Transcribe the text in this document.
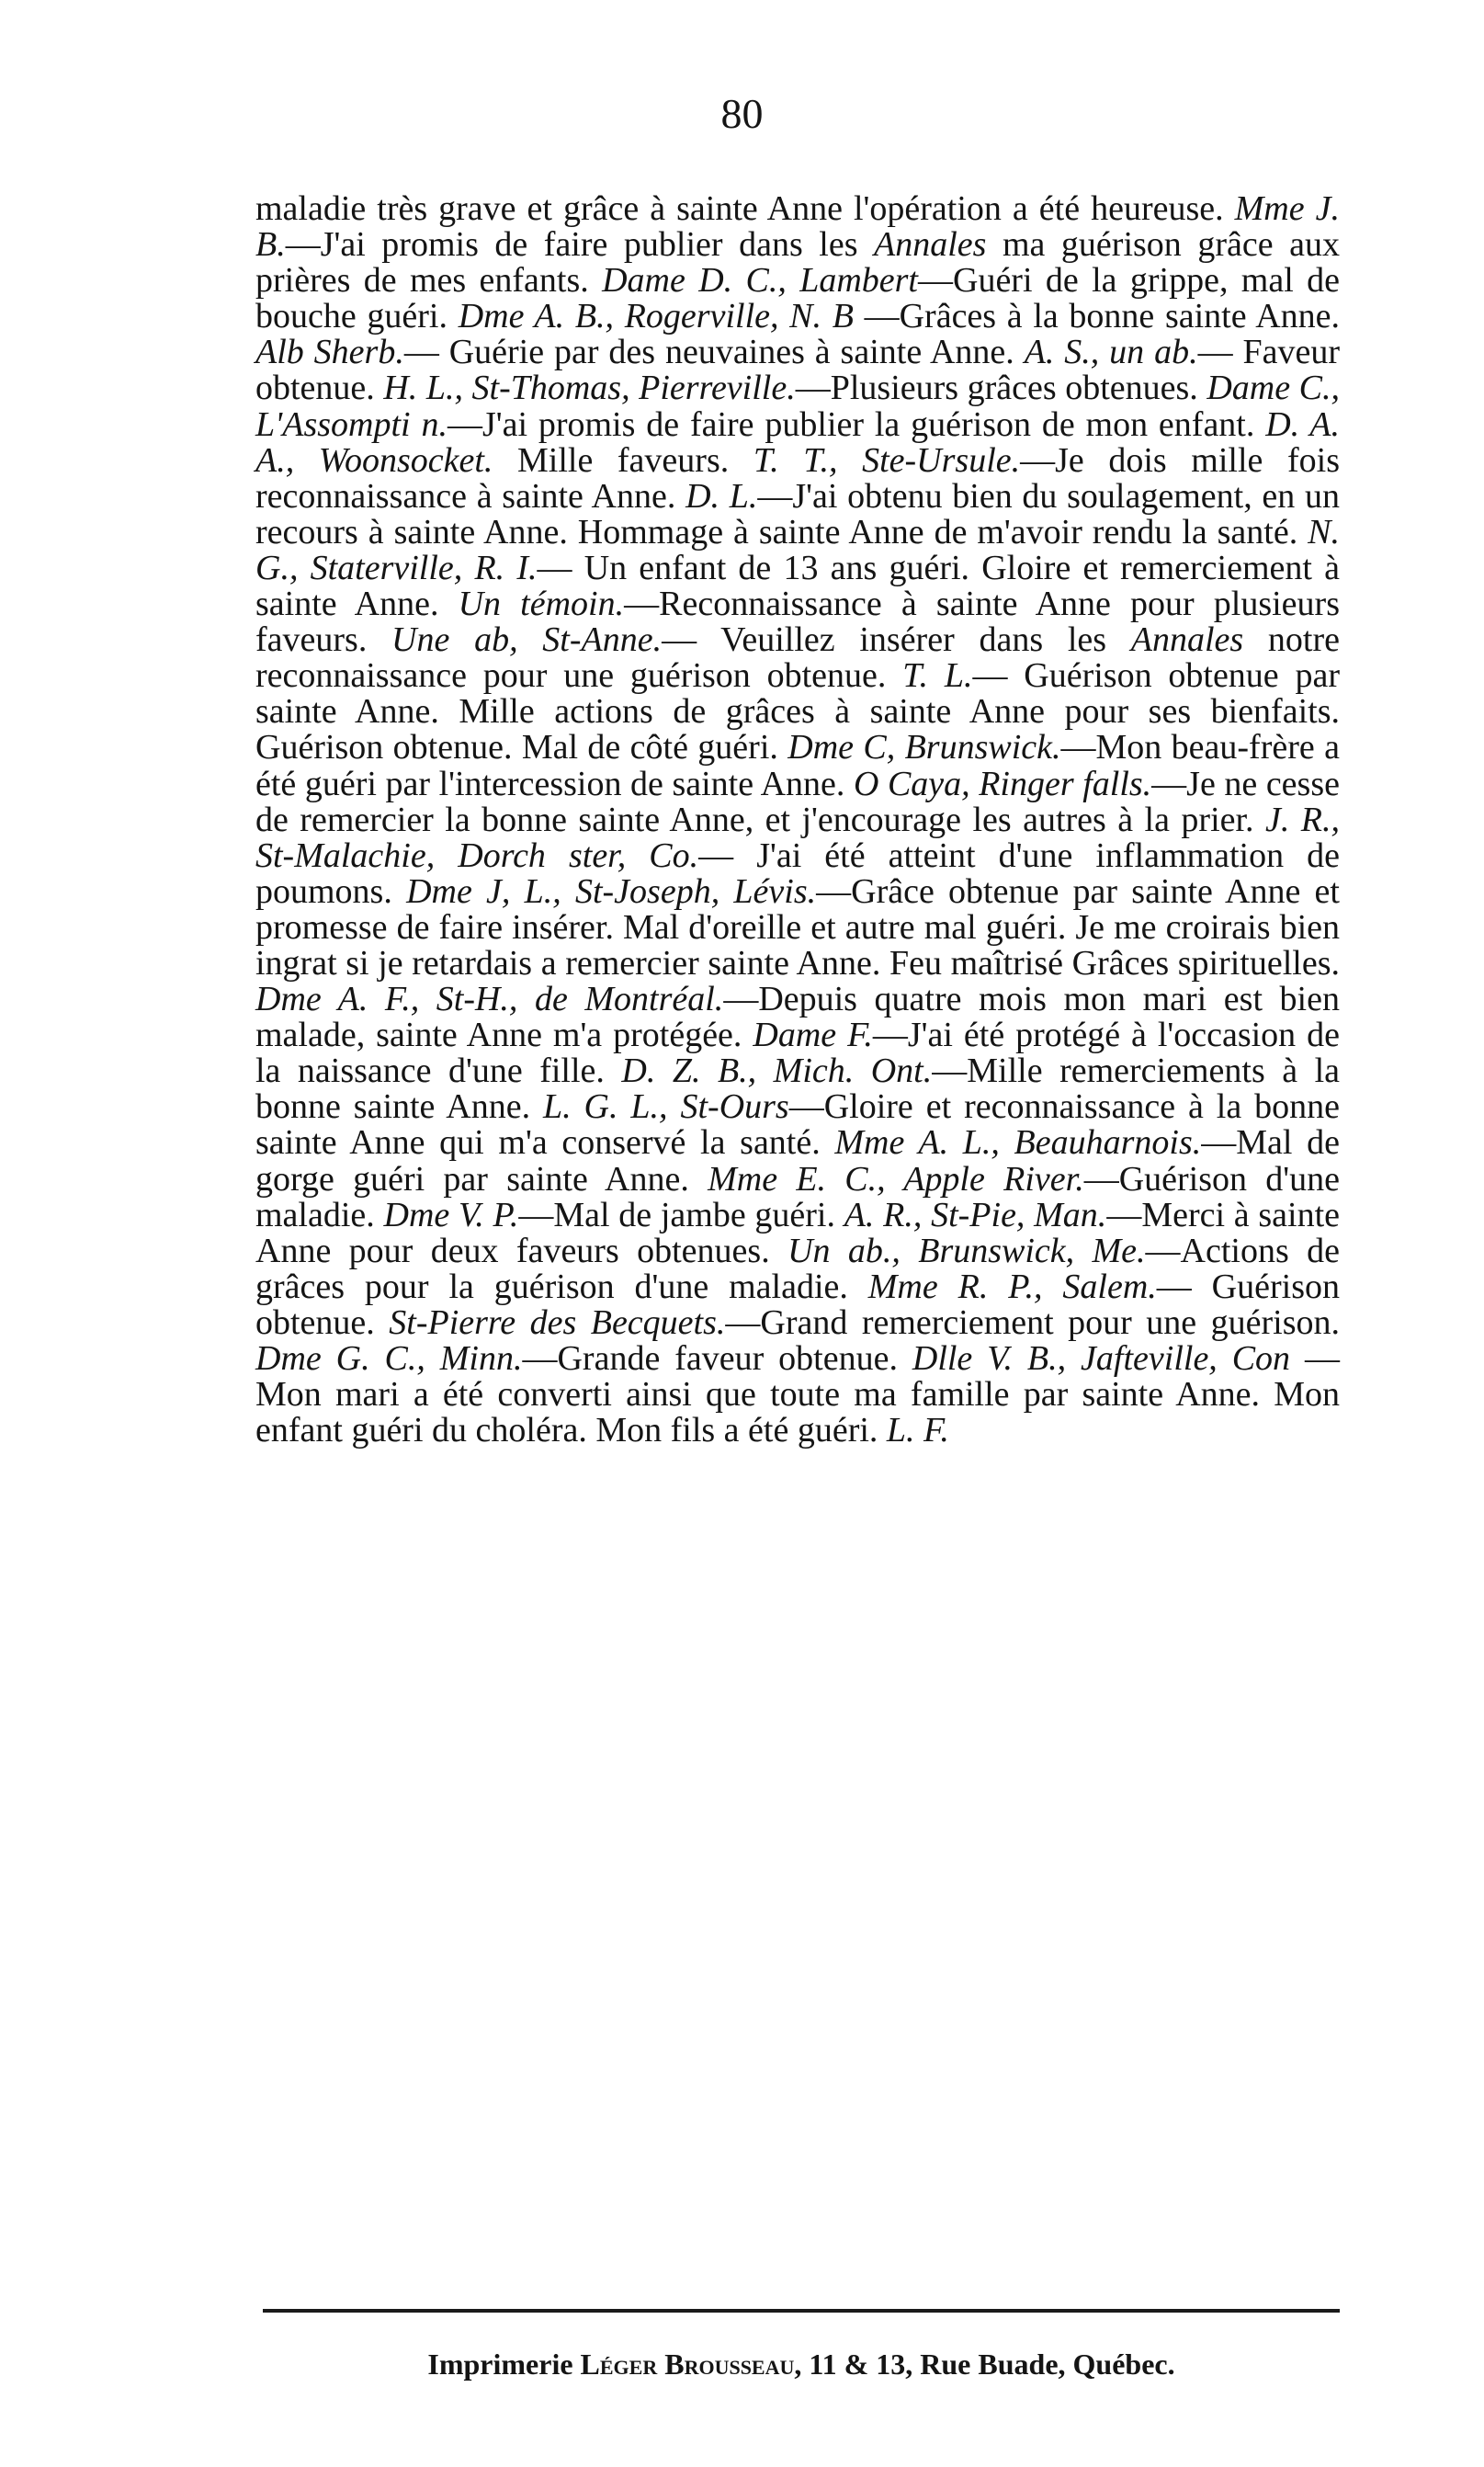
80

maladie très grave et grâce à sainte Anne l'opération a été heureuse. Mme J. B.—J'ai promis de faire publier dans les Annales ma guérison grâce aux prières de mes enfants. Dame D. C., Lambert—Guéri de la grippe, mal de bouche guéri. Dme A. B., Rogerville, N. B —Grâces à la bonne sainte Anne. Alb Sherb.— Guérie par des neuvaines à sainte Anne. A. S., un ab.— Faveur obtenue. H. L., St-Thomas, Pierreville.—Plusieurs grâces obtenues. Dame C., L'Assompti n.—J'ai promis de faire publier la guérison de mon enfant. D. A. A., Woonsocket. Mille faveurs. T. T., Ste-Ursule.—Je dois mille fois reconnaissance à sainte Anne. D. L.—J'ai obtenu bien du soulagement, en un recours à sainte Anne. Hommage à sainte Anne de m'avoir rendu la santé. N. G., Staterville, R. I.— Un enfant de 13 ans guéri. Gloire et remerciement à sainte Anne. Un témoin.—Reconnaissance à sainte Anne pour plusieurs faveurs. Une ab, St-Anne.— Veuillez insérer dans les Annales notre reconnaissance pour une guérison obtenue. T. L.— Guérison obtenue par sainte Anne. Mille actions de grâces à sainte Anne pour ses bienfaits. Guérison obtenue. Mal de côté guéri. Dme C, Brunswick.—Mon beau-frère a été guéri par l'intercession de sainte Anne. O Caya, Ringer falls.—Je ne cesse de remercier la bonne sainte Anne, et j'encourage les autres à la prier. J. R., St-Malachie, Dorch ster, Co.— J'ai été atteint d'une inflammation de poumons. Dme J, L., St-Joseph, Lévis.—Grâce obtenue par sainte Anne et promesse de faire insérer. Mal d'oreille et autre mal guéri. Je me croirais bien ingrat si je retardais a remercier sainte Anne. Feu maîtrisé Grâces spirituelles. Dme A. F., St-H., de Montréal.—Depuis quatre mois mon mari est bien malade, sainte Anne m'a protégée. Dame F.—J'ai été protégé à l'occasion de la naissance d'une fille. D. Z. B., Mich. Ont.—Mille remerciements à la bonne sainte Anne. L. G. L., St-Ours—Gloire et reconnaissance à la bonne sainte Anne qui m'a conservé la santé. Mme A. L., Beauharnois.—Mal de gorge guéri par sainte Anne. Mme E. C., Apple River.—Guérison d'une maladie. Dme V. P.—Mal de jambe guéri. A. R., St-Pie, Man.—Merci à sainte Anne pour deux faveurs obtenues. Un ab., Brunswick, Me.—Actions de grâces pour la guérison d'une maladie. Mme R. P., Salem.— Guérison obtenue. St-Pierre des Becquets.—Grand remerciement pour une guérison. Dme G. C., Minn.—Grande faveur obtenue. Dlle V. B., Jafteville, Con —Mon mari a été converti ainsi que toute ma famille par sainte Anne. Mon enfant guéri du choléra. Mon fils a été guéri. L. F.

Imprimerie Léger Brousseau, 11 & 13, Rue Buade, Québec.
